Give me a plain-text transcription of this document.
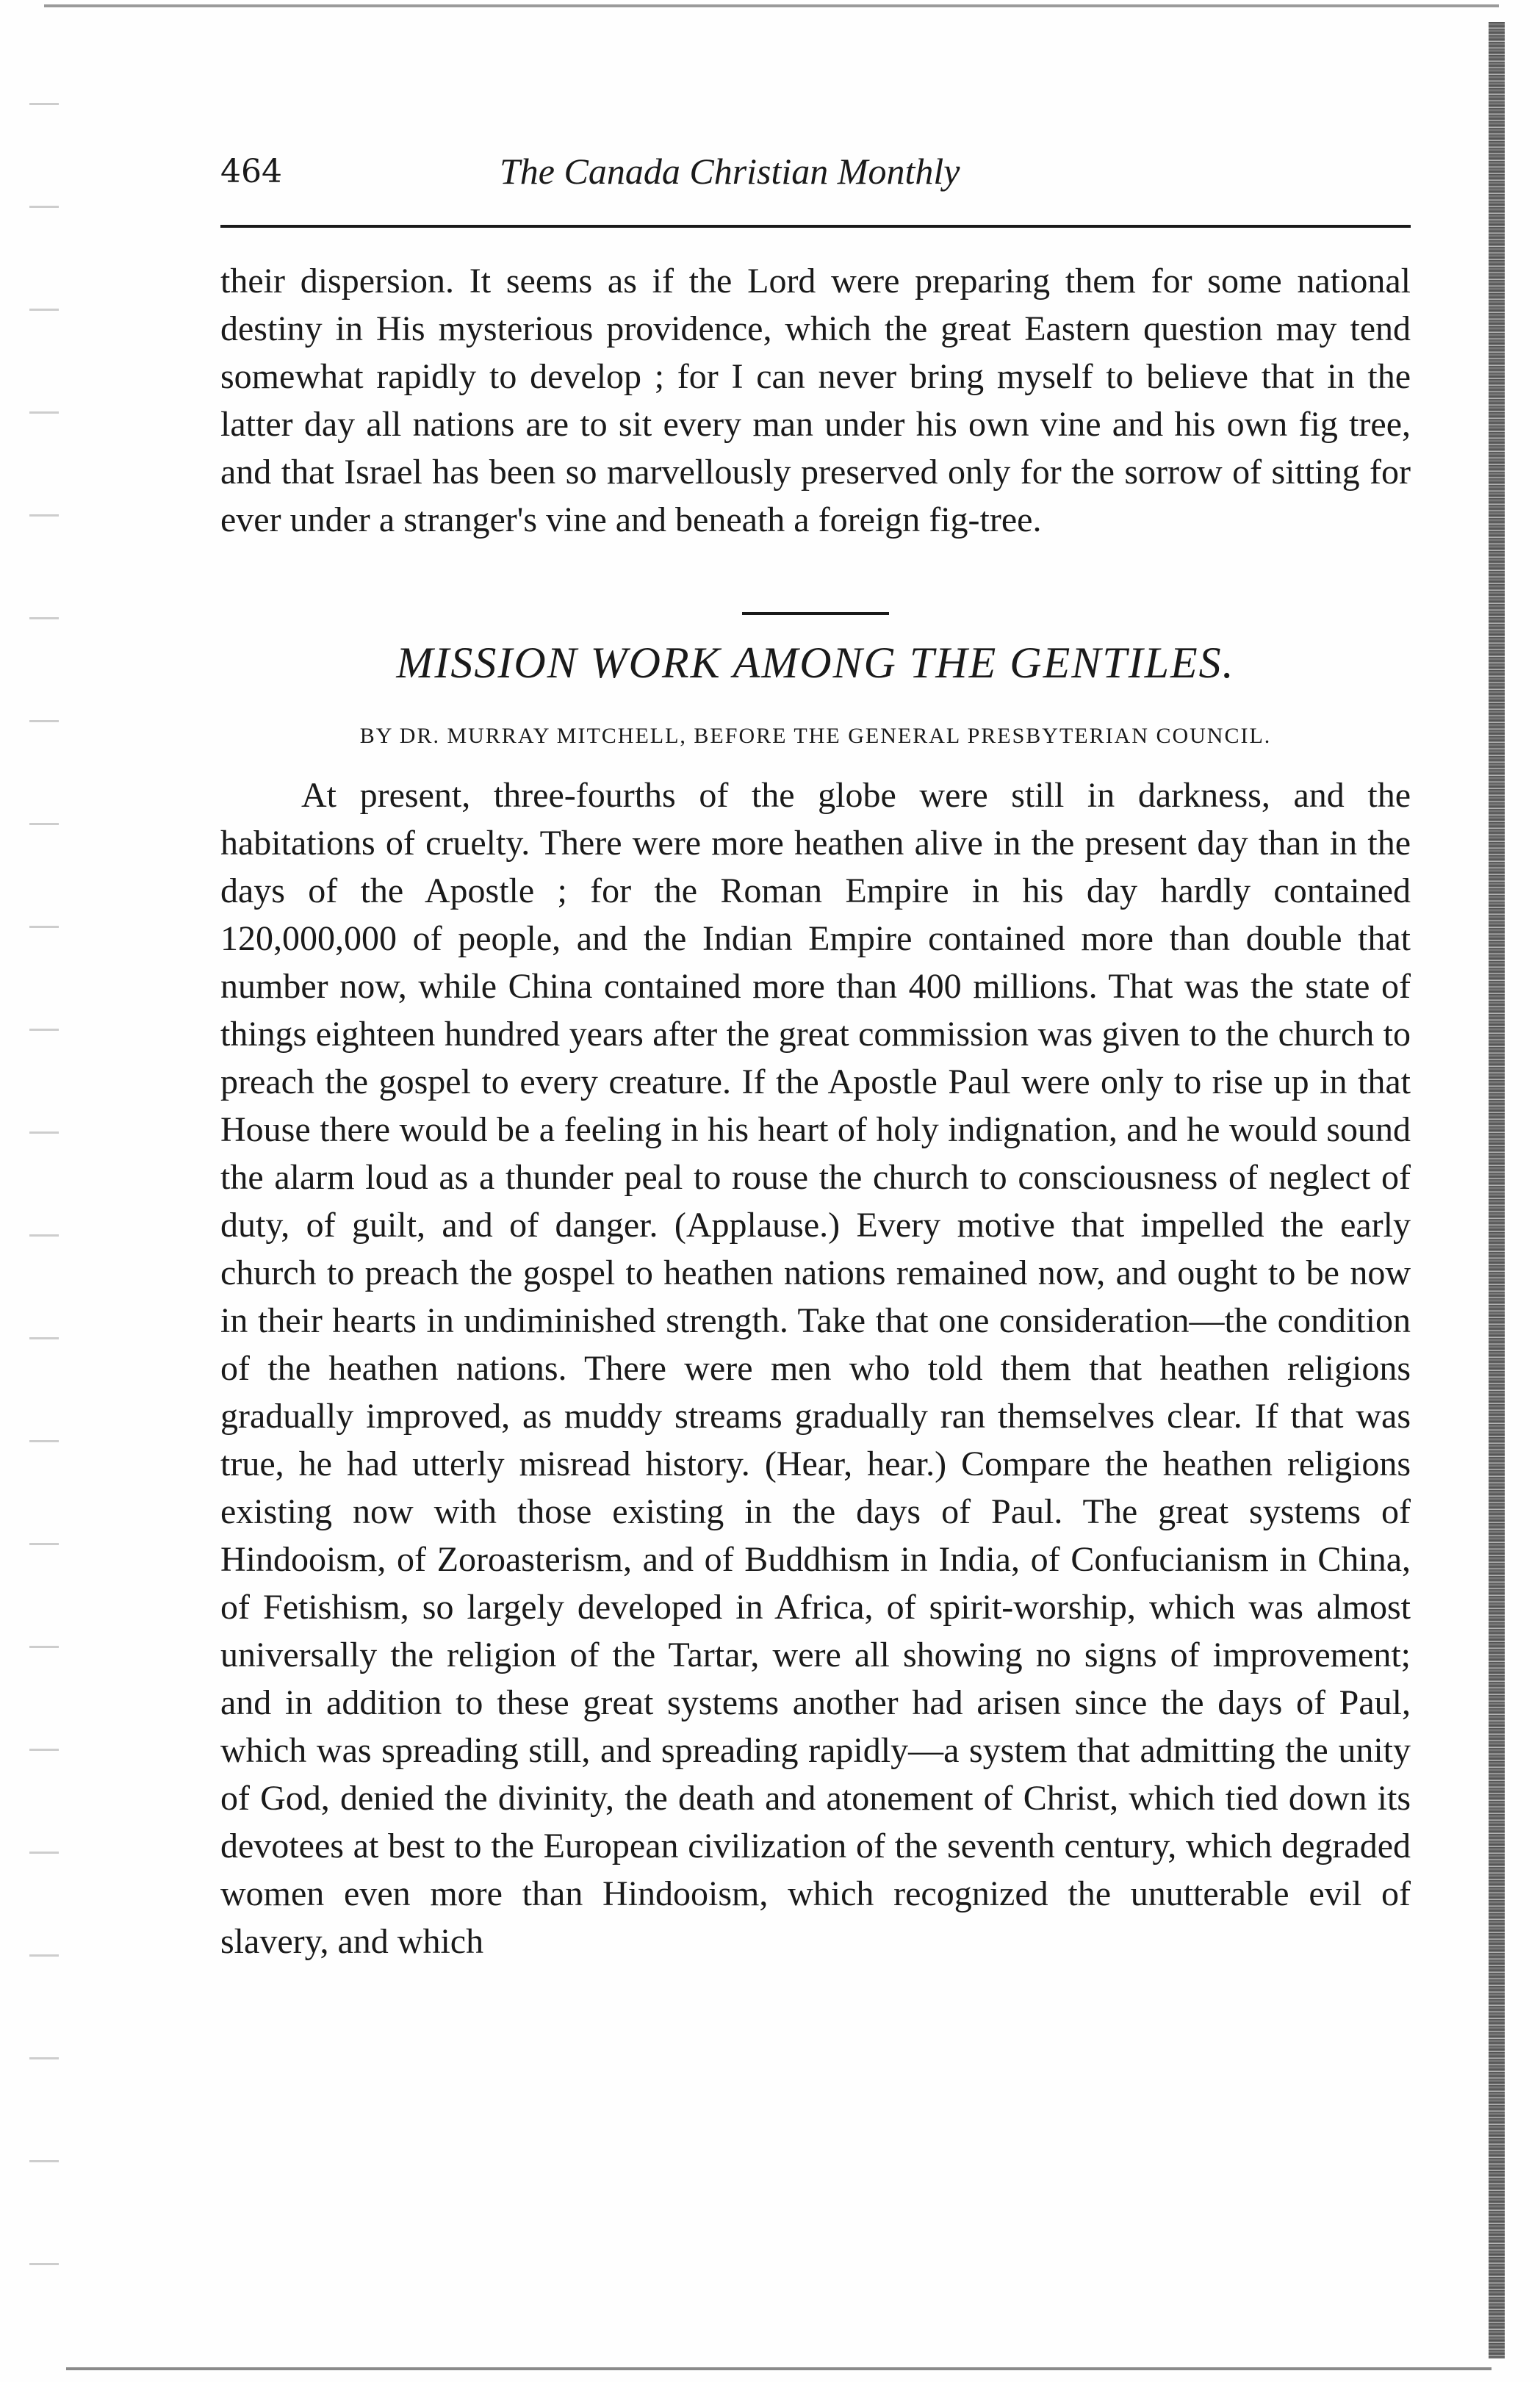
464	The Canada Christian Monthly

their dispersion. It seems as if the Lord were preparing them for some national destiny in His mysterious providence, which the great Eastern question may tend somewhat rapidly to develop ; for I can never bring myself to believe that in the latter day all nations are to sit every man under his own vine and his own fig tree, and that Israel has been so marvellously preserved only for the sorrow of sitting for ever under a stranger's vine and beneath a foreign fig-tree.

MISSION WORK AMONG THE GENTILES.
BY DR. MURRAY MITCHELL, BEFORE THE GENERAL PRESBYTERIAN COUNCIL.

At present, three-fourths of the globe were still in darkness, and the habitations of cruelty. There were more heathen alive in the present day than in the days of the Apostle ; for the Roman Empire in his day hardly contained 120,000,000 of people, and the Indian Empire contained more than double that number now, while China contained more than 400 millions. That was the state of things eighteen hundred years after the great commission was given to the church to preach the gospel to every creature. If the Apostle Paul were only to rise up in that House there would be a feeling in his heart of holy indignation, and he would sound the alarm loud as a thunder peal to rouse the church to consciousness of neglect of duty, of guilt, and of danger. (Applause.) Every motive that impelled the early church to preach the gospel to heathen nations remained now, and ought to be now in their hearts in undiminished strength. Take that one consideration—the condition of the heathen nations. There were men who told them that heathen religions gradually improved, as muddy streams gradually ran themselves clear. If that was true, he had utterly misread history. (Hear, hear.) Compare the heathen religions existing now with those existing in the days of Paul. The great systems of Hindooism, of Zoroasterism, and of Buddhism in India, of Confucianism in China, of Fetishism, so largely developed in Africa, of spirit-worship, which was almost universally the religion of the Tartar, were all showing no signs of improvement; and in addition to these great systems another had arisen since the days of Paul, which was spreading still, and spreading rapidly—a system that admitting the unity of God, denied the divinity, the death and atonement of Christ, which tied down its devotees at best to the European civilization of the seventh century, which degraded women even more than Hindooism, which recognized the unutterable evil of slavery, and which
